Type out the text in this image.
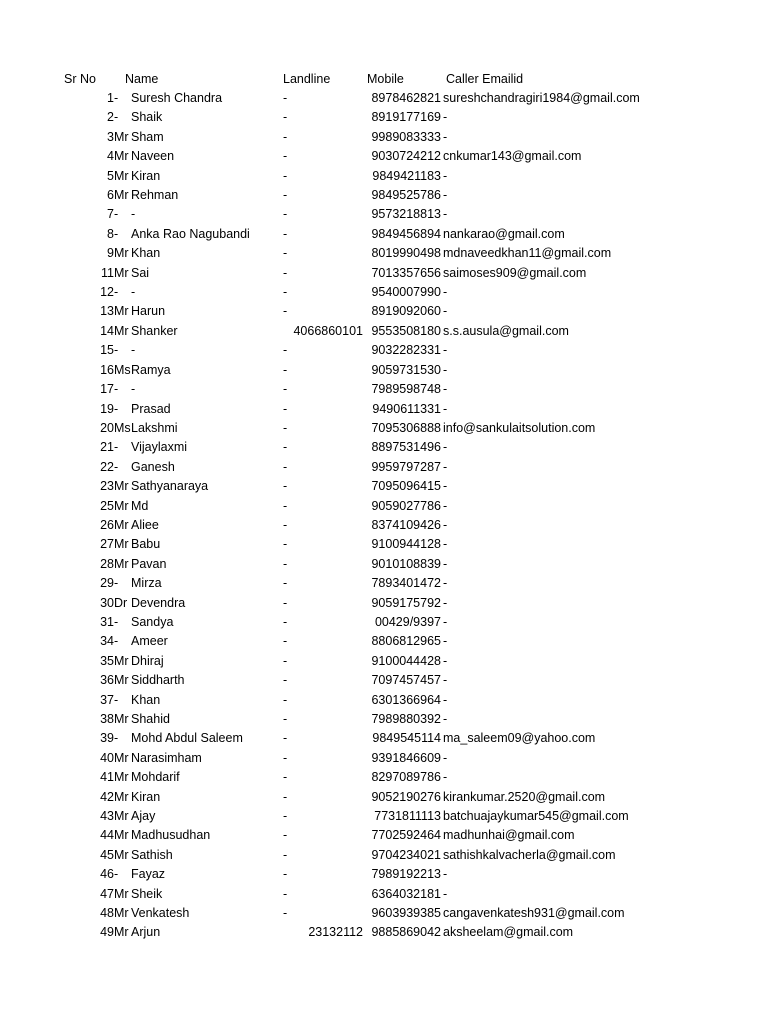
Sr No Name	Landline	Mobile	Caller Emailid
1 - Suresh Chandra	-	8978462821 sureshchandragiri1984@gmail.com
2 - Shaik	-	8919177169 -
3 Mr Sham	-	9989083333 -
4 Mr Naveen	-	9030724212 cnkumar143@gmail.com
5 Mr Kiran	-	9849421183 -
6 Mr Rehman	-	9849525786 -
7 - -	-	9573218813 -
8 - Anka Rao Nagubandi	-	9849456894 nankarao@gmail.com
9 Mr Khan	-	8019990498 mdnaveedkhan11@gmail.com
11 Mr Sai	-	7013357656 saimoses909@gmail.com
12 - -	-	9540007990 -
13 Mr Harun	-	8919092060 -
14 Mr Shanker	4066860101 9553508180 s.s.ausula@gmail.com
15 - -	-	9032282331 -
16 Ms Ramya	-	9059731530 -
17 - -	-	7989598748 -
19 - Prasad	-	9490611331 -
20 Ms Lakshmi	-	7095306888 info@sankulaitsolution.com
21 - Vijaylaxmi	-	8897531496 -
22 - Ganesh	-	9959797287 -
23 Mr Sathyanaraya	-	7095096415 -
25 Mr Md	-	9059027786 -
26 Mr Aliee	-	8374109426 -
27 Mr Babu	-	9100944128 -
28 Mr Pavan	-	9010108839 -
29 - Mirza	-	7893401472 -
30 Dr Devendra	-	9059175792 -
31 - Sandya	-	00429/9397 -
34 - Ameer	-	8806812965 -
35 Mr Dhiraj	-	9100044428 -
36 Mr Siddharth	-	7097457457 -
37 - Khan	-	6301366964 -
38 Mr Shahid	-	7989880392 -
39 - Mohd Abdul Saleem	-	9849545114 ma_saleem09@yahoo.com
40 Mr Narasimham	-	9391846609 -
41 Mr Mohdarif	-	8297089786 -
42 Mr Kiran	-	9052190276 kirankumar.2520@gmail.com
43 Mr Ajay	-	7731811113 batchuajaykumar545@gmail.com
44 Mr Madhusudhan	-	7702592464 madhunhai@gmail.com
45 Mr Sathish	-	9704234021 sathishkalvacherla@gmail.com
46 - Fayaz	-	7989192213 -
47 Mr Sheik	-	6364032181 -
48 Mr Venkatesh	-	9603939385 cangavenkatesh931@gmail.com
49 Mr Arjun	23132112 9885869042 aksheelam@gmail.com
